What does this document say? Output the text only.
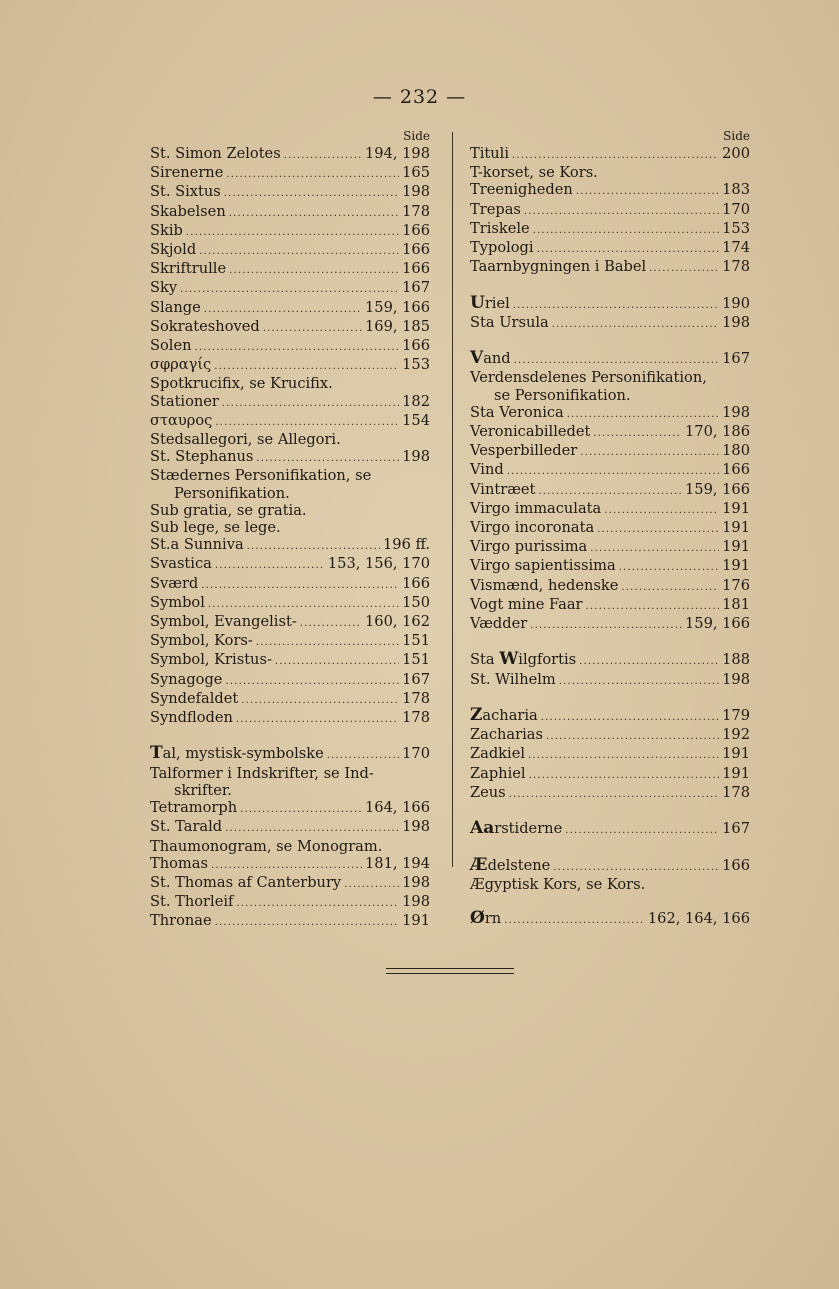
— 232 —
Side
St. Simon Zelotes .....	194, 198
Sirenerne .....	165
St. Sixtus .....	198
Skabelsen .....	178
Skib .....	166
Skjold .....	166
Skriftrulle .....	166
Sky .....	167
Slange .....	159, 166
Sokrateshoved .....	169, 185
Solen .....	166
σφραγίς .....	153
Spotkrucifix, se Krucifix.
Stationer .....	182
σταυρος .....	154
Stedsallegori, se Allegori.
St. Stephanus .....	198
Stædernes Personifikation, se
Personifikation.
Sub gratia, se gratia.
Sub lege, se lege.
St.a Sunniva .....	196 ff.
Svastica .....	153, 156, 170
Sværd .....	166
Symbol .....	150
Symbol, Evangelist- .....	160, 162
Symbol, Kors- .....	151
Symbol, Kristus- .....	151
Synagoge .....	167
Syndefaldet .....	178
Syndfloden .....	178
Tal, mystisk-symbolske .....	170
Talformer i Indskrifter, se Ind-
skrifter.
Tetramorph .....	164, 166
St. Tarald .....	198
Thaumonogram, se Monogram.
Thomas .....	181, 194
St. Thomas af Canterbury .....	198
St. Thorleif .....	198
Thronae .....	191
Side
Tituli .....	200
T-korset, se Kors.
Treenigheden .....	183
Trepas .....	170
Triskele .....	153
Typologi .....	174
Taarnbygningen i Babel .....	178
Uriel .....	190
Sta Ursula .....	198
Vand .....	167
Verdensdelenes Personifikation,
se Personifikation.
Sta Veronica .....	198
Veronicabilledet .....	170, 186
Vesperbilleder .....	180
Vind .....	166
Vintræet .....	159, 166
Virgo immaculata .....	191
Virgo incoronata .....	191
Virgo purissima .....	191
Virgo sapientissima .....	191
Vismænd, hedenske .....	176
Vogt mine Faar .....	181
Vædder .....	159, 166
Sta Wilgfortis .....	188
St. Wilhelm .....	198
Zacharia .....	179
Zacharias .....	192
Zadkiel .....	191
Zaphiel .....	191
Zeus .....	178
Aarstiderne .....	167
Ædelstene .....	166
Ægyptisk Kors, se Kors.
Ørn .....	162, 164, 166
